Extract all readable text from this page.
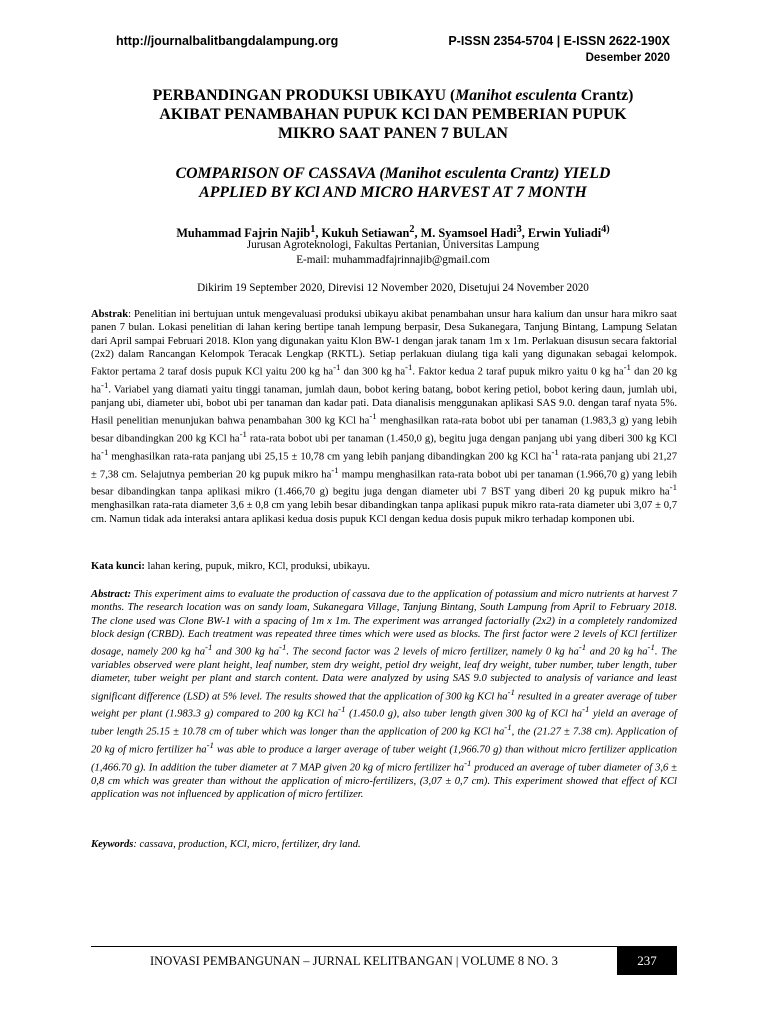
http://journalbalitbangdalampung.org	P-ISSN 2354-5704 | E-ISSN 2622-190X
Desember 2020
PERBANDINGAN PRODUKSI UBIKAYU (Manihot esculenta Crantz)
AKIBAT PENAMBAHAN PUPUK KCl DAN PEMBERIAN PUPUK
MIKRO SAAT PANEN 7 BULAN
COMPARISON OF CASSAVA (Manihot esculenta Crantz) YIELD
APPLIED BY KCl AND MICRO HARVEST AT 7 MONTH
Muhammad Fajrin Najib$^1$, Kukuh Setiawan$^2$, M. Syamsoel Hadi$^3$, Erwin Yuliadi$^{4)}$
Jurusan Agroteknologi, Fakultas Pertanian, Universitas Lampung
E-mail: muhammadfajrinnajib@gmail.com
Dikirim 19 September 2020, Direvisi 12 November 2020, Disetujui 24 November 2020

Abstrak: Penelitian ini bertujuan untuk mengevaluasi produksi ubikayu akibat penambahan unsur hara kalium dan unsur hara mikro saat panen 7 bulan. Lokasi penelitian di lahan kering bertipe tanah lempung berpasir, Desa Sukanegara, Tanjung Bintang, Lampung Selatan dari April sampai Februari 2018. Klon yang digunakan yaitu Klon BW-1 dengan jarak tanam 1m x 1m. Perlakuan disusun secara faktorial (2x2) dalam Rancangan Kelompok Teracak Lengkap (RKTL). Setiap perlakuan diulang tiga kali yang digunakan sebagai kelompok. Faktor pertama 2 taraf dosis pupuk KCl yaitu 200 kg $ha^{-1}$ dan 300 kg $ha^{-1}$. Faktor kedua 2 taraf pupuk mikro yaitu 0 kg $ha^{-1}$ dan 20 kg $ha^{-1}$. Variabel yang diamati yaitu tinggi tanaman, jumlah daun, bobot kering batang, bobot kering petiol, bobot kering daun, jumlah ubi, panjang ubi, diameter ubi, bobot ubi per tanaman dan kadar pati. Data dianalisis menggunakan aplikasi SAS 9.0. dengan taraf nyata 5%. Hasil penelitian menunjukan bahwa penambahan 300 kg KCl $ha^{-1}$ menghasilkan rata-rata bobot ubi per tanaman (1.983,3 g) yang lebih besar dibandingkan 200 kg KCl $ha^{-1}$ rata-rata bobot ubi per tanaman (1.450,0 g), begitu juga dengan panjang ubi yang diberi 300 kg KCl $ha^{-1}$ menghasilkan rata-rata panjang ubi 25,15 ± 10,78 cm yang lebih panjang dibandingkan 200 kg KCl $ha^{-1}$ rata-rata panjang ubi 21,27 ± 7,38 cm. Selajutnya pemberian 20 kg pupuk mikro $ha^{-1}$ mampu menghasilkan rata-rata bobot ubi per tanaman (1.966,70 g) yang lebih besar dibandingkan tanpa aplikasi mikro (1.466,70 g) begitu juga dengan diameter ubi 7 BST yang diberi 20 kg pupuk mikro $ha^{-1}$ menghasilkan rata-rata diameter 3,6 ± 0,8 cm yang lebih besar dibandingkan tanpa aplikasi pupuk mikro rata-rata diameter ubi 3,07 ± 0,7 cm. Namun tidak ada interaksi antara aplikasi kedua dosis pupuk KCl dengan kedua dosis pupuk mikro terhadap komponen ubi.

Kata kunci: lahan kering, pupuk, mikro, KCl, produksi, ubikayu.

Abstract: This experiment aims to evaluate the production of cassava due to the application of potassium and micro nutrients at harvest 7 months. The research location was on sandy loam, Sukanegara Village, Tanjung Bintang, South Lampung from April to February 2018. The clone used was Clone BW-1 with a spacing of 1m x 1m. The experiment was arranged factorially (2x2) in a completely randomized block design (CRBD). Each treatment was repeated three times which were used as blocks. The first factor were 2 levels of KCl fertilizer dosage, namely 200 kg $ha^{-1}$ and 300 kg $ha^{-1}$. The second factor was 2 levels of micro fertilizer, namely 0 kg $ha^{-1}$ and 20 kg $ha^{-1}$. The variables observed were plant height, leaf number, stem dry weight, petiol dry weight, leaf dry weight, tuber number, tuber length, tuber diameter, tuber weight per plant and starch content. Data were analyzed by using SAS 9.0 subjected to analysis of variance and least significant difference (LSD) at 5% level. The results showed that the application of 300 kg KCl $ha^{-1}$ resulted in a greater average of tuber weight per plant (1.983.3 g) compared to 200 kg KCl $ha^{-1}$ (1.450.0 g), also tuber length given 300 kg of KCl $ha^{-1}$ yield an average of tuber length 25.15 ± 10.78 cm of tuber which was longer than the application of 200 kg KCl $ha^{-1}$, the (21.27 ± 7.38 cm). Application of 20 kg of micro fertilizer $ha^{-1}$ was able to produce a larger average of tuber weight (1,966.70 g) than without micro fertilizer application (1,466.70 g). In addition the tuber diameter at 7 MAP given 20 kg of micro fertilizer $ha^{-1}$ produced an average of tuber diameter of 3,6 ± 0,8 cm which was greater than without the application of micro-fertilizers, (3,07 ± 0,7 cm). This experiment showed that effect of KCl application was not influenced by application of micro fertilizer.

Keywords: cassava, production, KCl, micro, fertilizer, dry land.

INOVASI PEMBANGUNAN – JURNAL KELITBANGAN | VOLUME 8 NO. 3	237
